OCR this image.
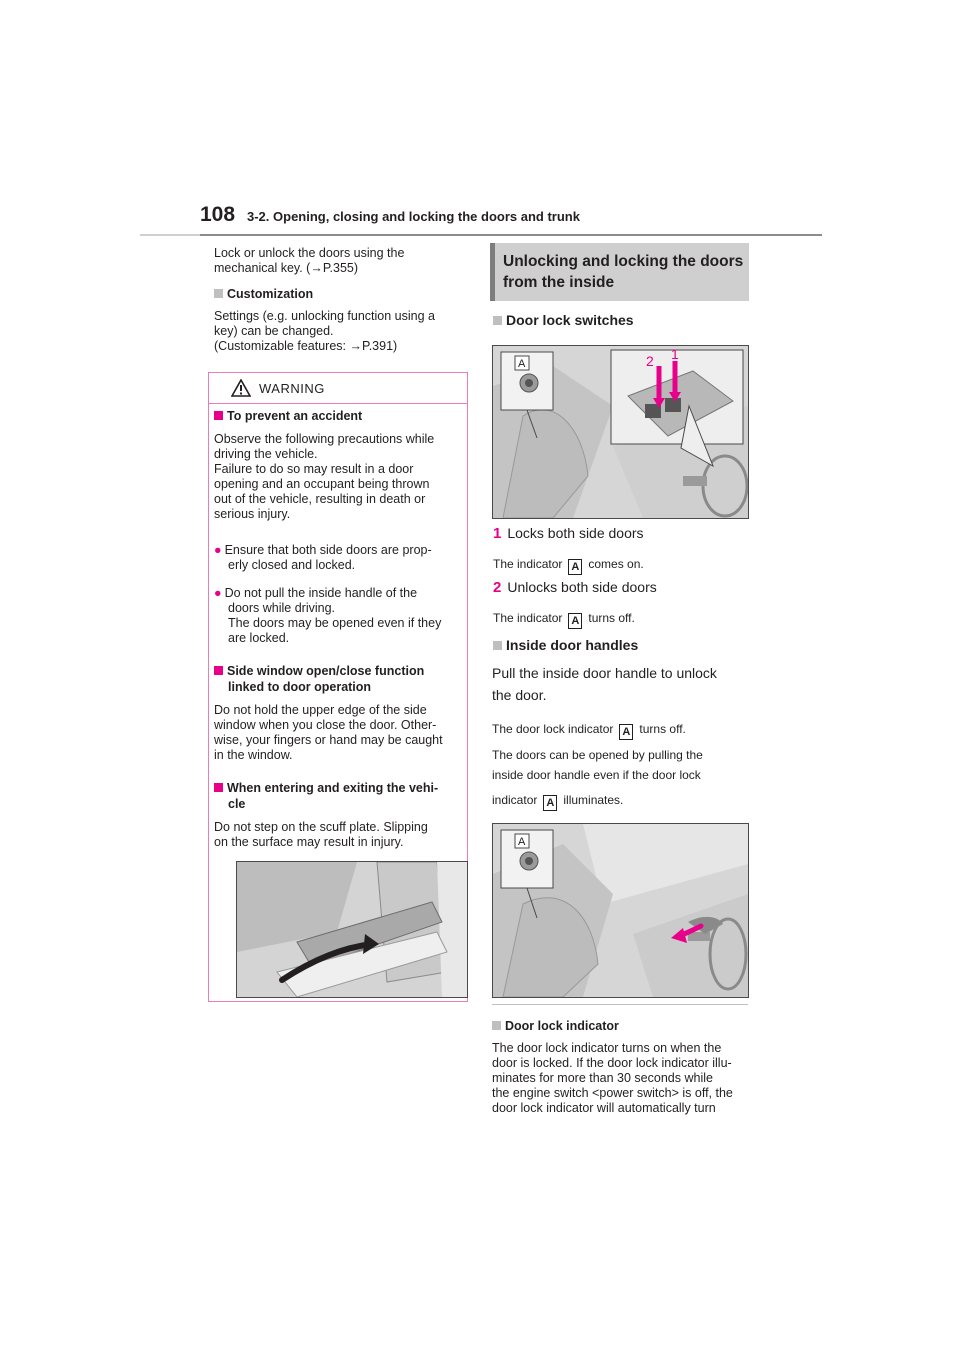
108 3-2. Opening, closing and locking the doors and trunk
Lock or unlock the doors using the
mechanical key. (→P.355)
Customization
Settings (e.g. unlocking function using a
key) can be changed.
(Customizable features: →P.391)
WARNING
To prevent an accident
Observe the following precautions while
driving the vehicle.
Failure to do so may result in a door
opening and an occupant being thrown
out of the vehicle, resulting in death or
serious injury.
● Ensure that both side doors are prop-
erly closed and locked.
● Do not pull the inside handle of the
doors while driving.
The doors may be opened even if they
are locked.
Side window open/close function
linked to door operation
Do not hold the upper edge of the side
window when you close the door. Other-
wise, your fingers or hand may be caught
in the window.
When entering and exiting the vehi-
cle
Do not step on the scuff plate. Slipping
on the surface may result in injury.
Unlocking and locking the doors
from the inside
Door lock switches
A	2 1
1 Locks both side doors
The indicator A comes on.
2 Unlocks both side doors
The indicator A turns off.
Inside door handles
Pull the inside door handle to unlock
the door.
The door lock indicator A turns off.
The doors can be opened by pulling the
inside door handle even if the door lock
indicator A illuminates.
A
Door lock indicator
The door lock indicator turns on when the
door is locked. If the door lock indicator illu-
minates for more than 30 seconds while
the engine switch <power switch> is off, the
door lock indicator will automatically turn
